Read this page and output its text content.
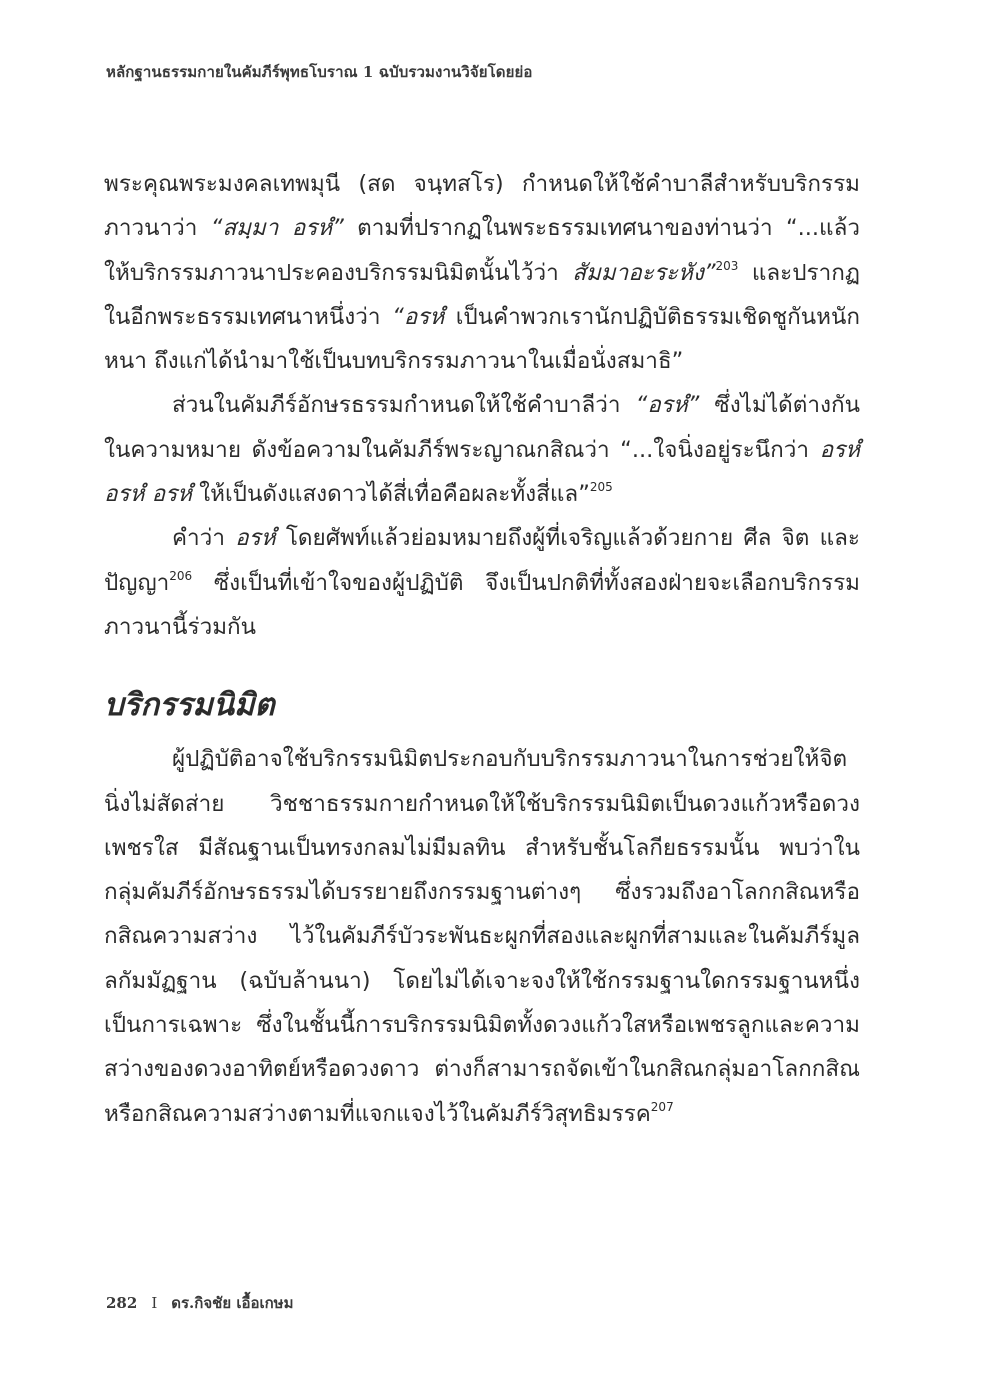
หลักฐานธรรมกายในคัมภีร์พุทธโบราณ 1 ฉบับรวมงานวิจัยโดยย่อ

พระคุณพระมงคลเทพมุนี (สด จนฺทสโร) กำหนดให้ใช้คำบาลีสำหรับบริกรรมภาวนาว่า “สมฺมา อรหํ” ตามที่ปรากฏในพระธรรมเทศนาของท่านว่า “...แล้วให้บริกรรมภาวนาประคองบริกรรมนิมิตนั้นไว้ว่า สัมมาอะระหัง”$^{203}$ และปรากฏในอีกพระธรรมเทศนาหนึ่งว่า “อรหํ เป็นคำพวกเรานักปฏิบัติธรรมเชิดชูกันหนักหนา ถึงแก่ได้นำมาใช้เป็นบทบริกรรมภาวนาในเมื่อนั่งสมาธิ”

ส่วนในคัมภีร์อักษรธรรมกำหนดให้ใช้คำบาลีว่า “อรหํ” ซึ่งไม่ได้ต่างกันในความหมาย ดังข้อความในคัมภีร์พระญาณกสิณว่า “...ใจนิ่งอยู่ระนึกว่า อรหํ อรหํ อรหํ ให้เป็นดังแสงดาวได้สี่เทื่อคือผละทั้งสี่แล”$^{205}$

คำว่า อรหํ โดยศัพท์แล้วย่อมหมายถึงผู้ที่เจริญแล้วด้วยกาย ศีล จิต และปัญญา$^{206}$ ซึ่งเป็นที่เข้าใจของผู้ปฏิบัติ จึงเป็นปกติที่ทั้งสองฝ่ายจะเลือกบริกรรมภาวนานี้ร่วมกัน

บริกรรมนิมิต

ผู้ปฏิบัติอาจใช้บริกรรมนิมิตประกอบกับบริกรรมภาวนาในการช่วยให้จิตนิ่งไม่สัดส่าย วิชชาธรรมกายกำหนดให้ใช้บริกรรมนิมิตเป็นดวงแก้วหรือดวงเพชรใส มีสัณฐานเป็นทรงกลมไม่มีมลทิน สำหรับชั้นโลกียธรรมนั้น พบว่าในกลุ่มคัมภีร์อักษรธรรมได้บรรยายถึงกรรมฐานต่างๆ ซึ่งรวมถึงอาโลกกสิณหรือกสิณความสว่าง ไว้ในคัมภีร์บัวระพันธะผูกที่สองและผูกที่สามและในคัมภีร์มูลลกัมมัฏฐาน (ฉบับล้านนา) โดยไม่ได้เจาะจงให้ใช้กรรมฐานใดกรรมฐานหนึ่งเป็นการเฉพาะ ซึ่งในชั้นนี้การบริกรรมนิมิตทั้งดวงแก้วใสหรือเพชรลูกและความสว่างของดวงอาทิตย์หรือดวงดาว ต่างก็สามารถจัดเข้าในกสิณกลุ่มอาโลกกสิณหรือกสิณความสว่างตามที่แจกแจงไว้ในคัมภีร์วิสุทธิมรรค$^{207}$

282 I ดร.กิจชัย เอื้อเกษม
